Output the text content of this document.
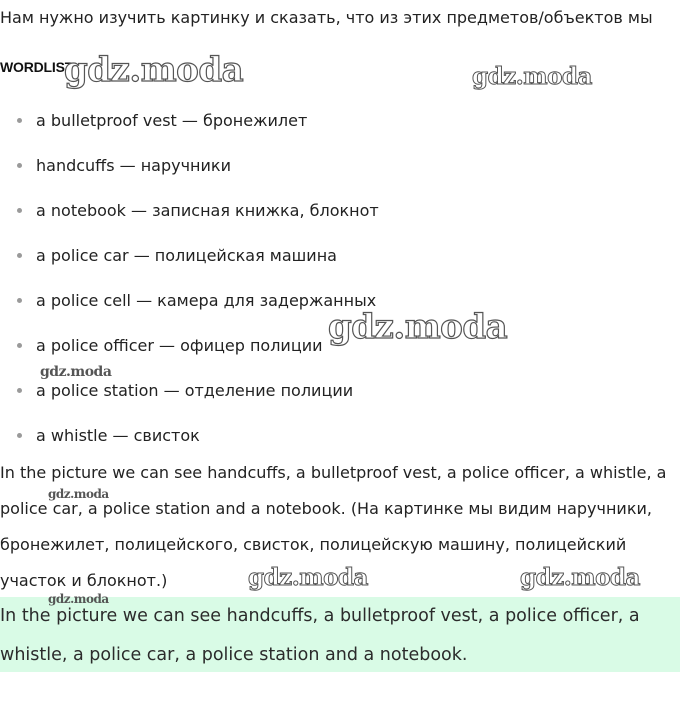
Нам нужно изучить картинку и сказать, что из этих предметов/объектов мы
WORDLIST
a bulletproof vest — бронежилет
handcuffs — наручники
a notebook — записная книжка, блокнот
a police car — полицейская машина
a police cell — камера для задержанных
a police officer — офицер полиции
a police station — отделение полиции
a whistle — свисток
In the picture we can see handcuffs, a bulletproof vest, a police officer, a whistle, a police car, a police station and a notebook. (На картинке мы видим наручники, бронежилет, полицейского, свисток, полицейскую машину, полицейский участок и блокнот.)
In the picture we can see handcuffs, a bulletproof vest, a police officer, a whistle, a police car, a police station and a notebook.
gdz.moda	gdz.moda
gdz.moda
gdz.moda
gdz.moda
gdz.moda	gdz.moda
gdz.moda
